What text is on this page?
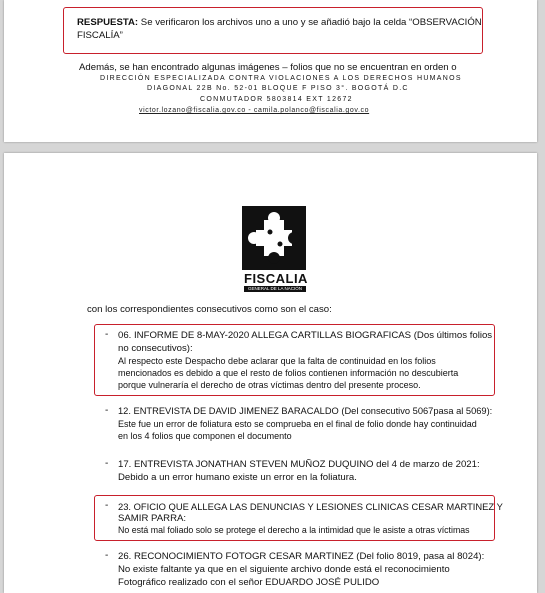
RESPUESTA: Se verificaron los archivos uno a uno y se añadió bajo la celda “OBSERVACIÓN
FISCALÍA”
Además, se han encontrado algunas imágenes – folios que no se encuentran en orden o
DIRECCIÓN ESPECIALIZADA CONTRA VIOLACIONES A LOS DERECHOS HUMANOS
DIAGONAL 22B No. 52-01 BLOQUE F PISO 3°. BOGOTÁ D.C
CONMUTADOR 5803814 EXT 12672
victor.lozano@fiscalia.gov.co - camila.polanco@fiscalia.gov.co
FISCALIA
GENERAL DE LA NACIÓN
con los correspondientes consecutivos como son el caso:
- 06. INFORME DE 8-MAY-2020 ALLEGA CARTILLAS BIOGRAFICAS (Dos últimos folios
no consecutivos):
Al respecto este Despacho debe aclarar que la falta de continuidad en los folios
mencionados es debido a que el resto de folios contienen información no descubierta
porque vulneraría el derecho de otras víctimas dentro del presente proceso.
- 12. ENTREVISTA DE DAVID JIMENEZ BARACALDO (Del consecutivo 5067pasa al 5069):
Este fue un error de foliatura esto se comprueba en el final de folio donde hay continuidad
en los 4 folios que componen el documento
- 17. ENTREVISTA JONATHAN STEVEN MUÑOZ DUQUINO del 4 de marzo de 2021:
Debido a un error humano existe un error en la foliatura.
- 23. OFICIO QUE ALLEGA LAS DENUNCIAS Y LESIONES CLINICAS CESAR MARTINEZ Y
SAMIR PARRA:
No está mal foliado solo se protege el derecho a la intimidad que le asiste a otras víctimas
- 26. RECONOCIMIENTO FOTOGR CESAR MARTINEZ (Del folio 8019, pasa al 8024):
No existe faltante ya que en el siguiente archivo donde está el reconocimiento
Fotográfico realizado con el señor EDUARDO JOSÉ PULIDO
